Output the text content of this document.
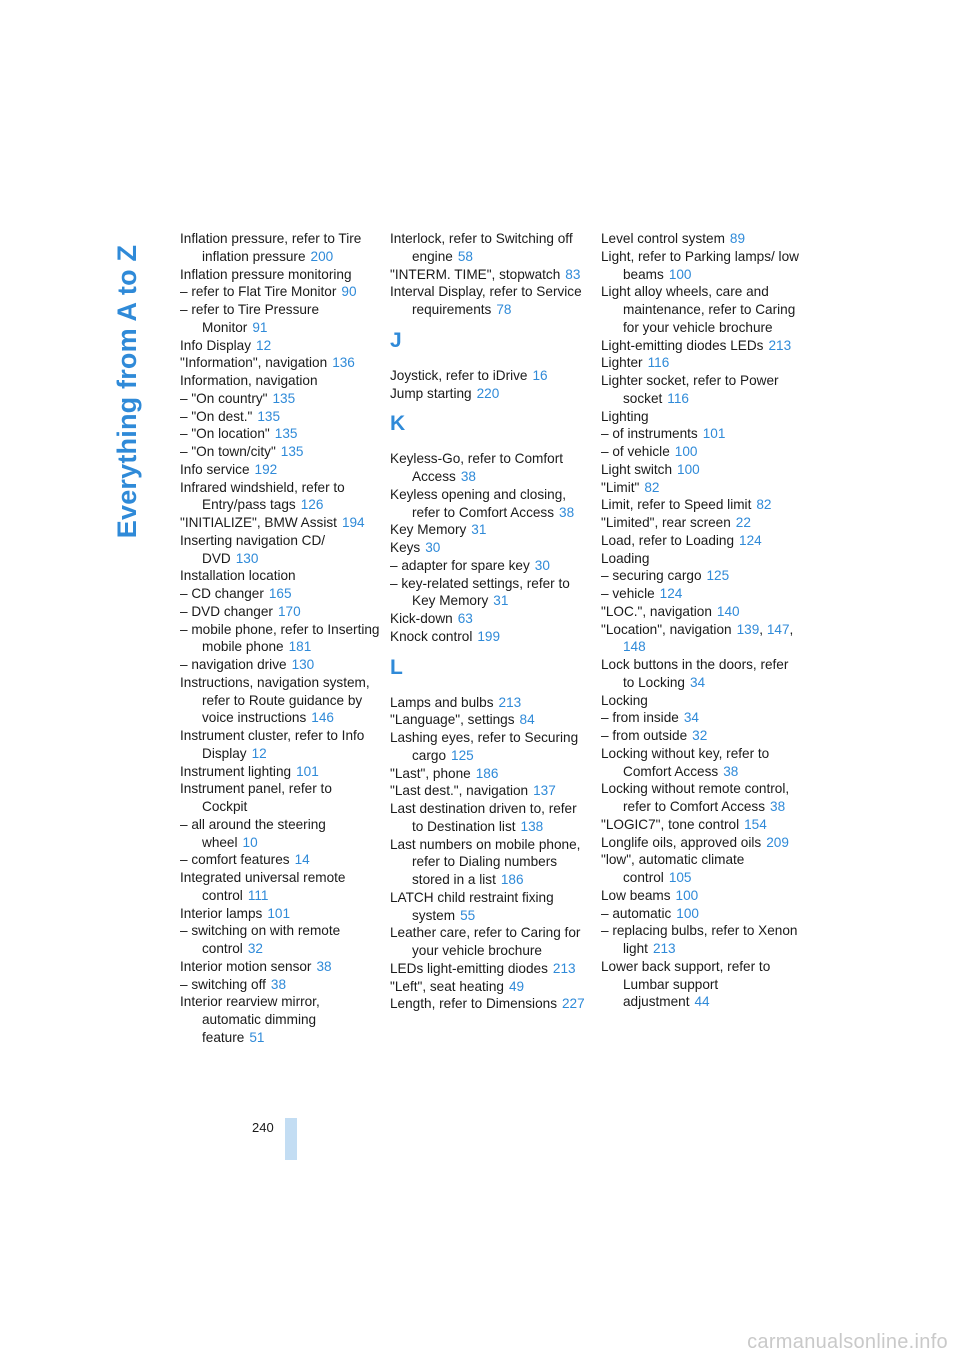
Everything from A to Z
Inflation pressure, refer to Tire inflation pressure 200
Inflation pressure monitoring
– refer to Flat Tire Monitor 90
– refer to Tire Pressure Monitor 91
Info Display 12
"Information", navigation 136
Information, navigation
– "On country" 135
– "On dest." 135
– "On location" 135
– "On town/city" 135
Info service 192
Infrared windshield, refer to Entry/pass tags 126
"INITIALIZE", BMW Assist 194
Inserting navigation CD/ DVD 130
Installation location
– CD changer 165
– DVD changer 170
– mobile phone, refer to Inserting mobile phone 181
– navigation drive 130
Instructions, navigation system, refer to Route guidance by voice instructions 146
Instrument cluster, refer to Info Display 12
Instrument lighting 101
Instrument panel, refer to Cockpit
– all around the steering wheel 10
– comfort features 14
Integrated universal remote control 111
Interior lamps 101
– switching on with remote control 32
Interior motion sensor 38
– switching off 38
Interior rearview mirror, automatic dimming feature 51
Interlock, refer to Switching off engine 58
"INTERM. TIME", stopwatch 83
Interval Display, refer to Service requirements 78
J
Joystick, refer to iDrive 16
Jump starting 220
K
Keyless-Go, refer to Comfort Access 38
Keyless opening and closing, refer to Comfort Access 38
Key Memory 31
Keys 30
– adapter for spare key 30
– key-related settings, refer to Key Memory 31
Kick-down 63
Knock control 199
L
Lamps and bulbs 213
"Language", settings 84
Lashing eyes, refer to Securing cargo 125
"Last", phone 186
"Last dest.", navigation 137
Last destination driven to, refer to Destination list 138
Last numbers on mobile phone, refer to Dialing numbers stored in a list 186
LATCH child restraint fixing system 55
Leather care, refer to Caring for your vehicle brochure
LEDs light-emitting diodes 213
"Left", seat heating 49
Length, refer to Dimensions 227
Level control system 89
Light, refer to Parking lamps/ low beams 100
Light alloy wheels, care and maintenance, refer to Caring for your vehicle brochure
Light-emitting diodes LEDs 213
Lighter 116
Lighter socket, refer to Power socket 116
Lighting
– of instruments 101
– of vehicle 100
Light switch 100
"Limit" 82
Limit, refer to Speed limit 82
"Limited", rear screen 22
Load, refer to Loading 124
Loading
– securing cargo 125
– vehicle 124
"LOC.", navigation 140
"Location", navigation 139, 147, 148
Lock buttons in the doors, refer to Locking 34
Locking
– from inside 34
– from outside 32
Locking without key, refer to Comfort Access 38
Locking without remote control, refer to Comfort Access 38
"LOGIC7", tone control 154
Longlife oils, approved oils 209
"low", automatic climate control 105
Low beams 100
– automatic 100
– replacing bulbs, refer to Xenon light 213
Lower back support, refer to Lumbar support adjustment 44
240
carmanualsonline.info
